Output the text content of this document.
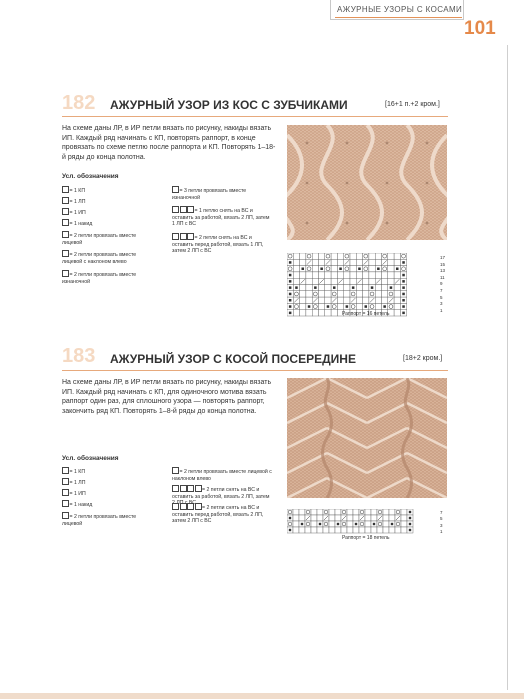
АЖУРНЫЕ УЗОРЫ С КОСАМИ
101
182 АЖУРНЫЙ УЗОР ИЗ КОС С ЗУБЧИКАМИ	[16+1 п.+2 кром.]
На схеме даны ЛР, в ИР петли вязать по рисунку, накиды вязать ИП. Каждый ряд начинать с КП, повторять раппорт, в конце провязать по схеме петлю после раппорта и КП. Повторять 1–18-й ряды до конца полотна.
Усл. обозначения
= 1 КП
= 1 ЛП
= 1 ИП
= 1 накид
= 2 петли провязать вместе лицевой
= 2 петли провязать вместе лицевой с наклоном влево
= 2 петли провязать вместе изнаночной
= 3 петли провязать вместе изнаночной
= 1 петлю снять на ВС и оставить за работой, вязать 2 ЛП, затем 1 ЛП с ВС
= 2 петли снять на ВС и оставить перед работой, вязать 1 ЛП, затем 2 ЛП с ВС
Раппорт = 16 петель
17
15
13
11
9
7
5
3
1
183 АЖУРНЫЙ УЗОР С КОСОЙ ПОСЕРЕДИНЕ	[18+2 кром.]
На схеме даны ЛР, в ИР петли вязать по рисунку, накиды вязать ИП. Каждый ряд начинать с КП, для одиночного мотива вязать раппорт один раз, для сплошного узора — повторять раппорт, закончить ряд КП. Повторять 1–8-й ряды до конца полотна.
Усл. обозначения
= 1 КП
= 1 ЛП
= 1 ИП
= 1 накид
= 2 петли провязать вместе лицевой
= 2 петли провязать вместе лицевой с наклоном влево
= 2 петли снять на ВС и оставить за работой, вязать 2 ЛП, затем
= 2 петли снять на ВС и оставить перед работой, вязать 2 ЛП, затем 2 ЛП с ВС
Раппорт = 18 петель
7
5
3
1
